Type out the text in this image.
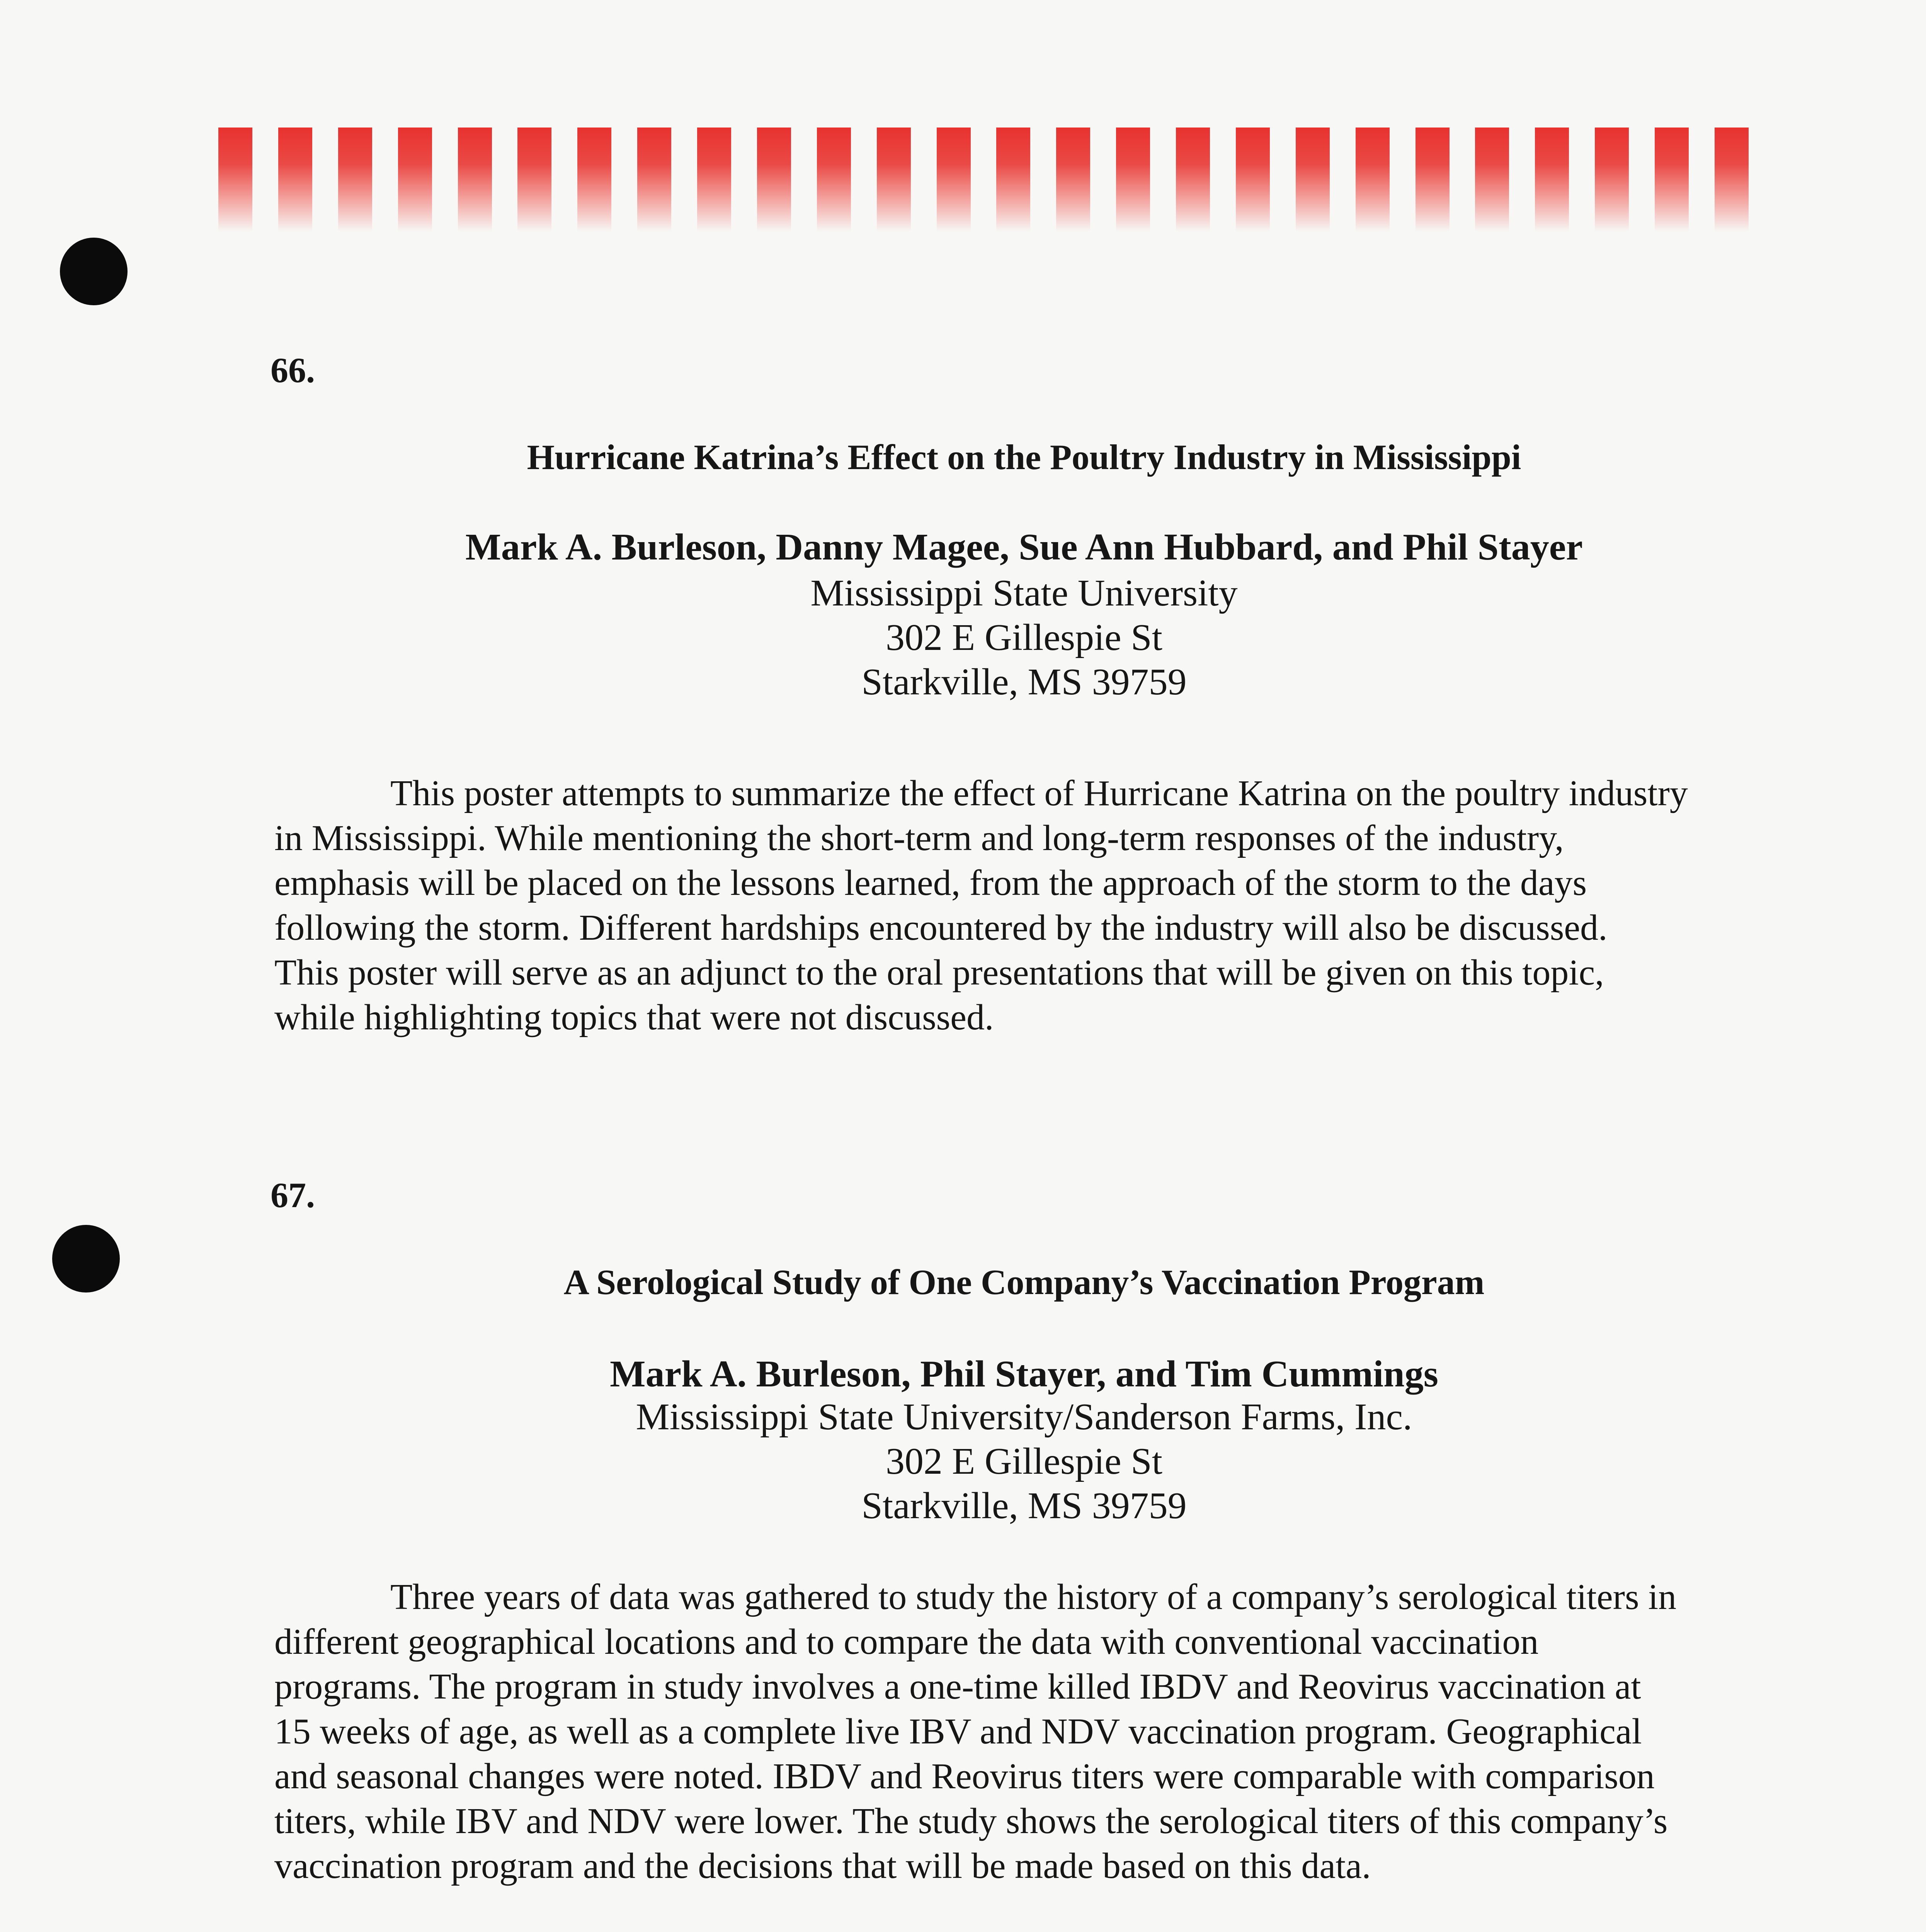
66.
Hurricane Katrina’s Effect on the Poultry Industry in Mississippi
Mark A. Burleson, Danny Magee, Sue Ann Hubbard, and Phil Stayer
Mississippi State University
302 E Gillespie St
Starkville, MS 39759

This poster attempts to summarize the effect of Hurricane Katrina on the poultry industry
in Mississippi. While mentioning the short-term and long-term responses of the industry,
emphasis will be placed on the lessons learned, from the approach of the storm to the days
following the storm. Different hardships encountered by the industry will also be discussed.
This poster will serve as an adjunct to the oral presentations that will be given on this topic,
while highlighting topics that were not discussed.

67.
A Serological Study of One Company’s Vaccination Program
Mark A. Burleson, Phil Stayer, and Tim Cummings
Mississippi State University/Sanderson Farms, Inc.
302 E Gillespie St
Starkville, MS 39759

Three years of data was gathered to study the history of a company’s serological titers in
different geographical locations and to compare the data with conventional vaccination
programs. The program in study involves a one-time killed IBDV and Reovirus vaccination at
15 weeks of age, as well as a complete live IBV and NDV vaccination program. Geographical
and seasonal changes were noted. IBDV and Reovirus titers were comparable with comparison
titers, while IBV and NDV were lower. The study shows the serological titers of this company’s
vaccination program and the decisions that will be made based on this data.
